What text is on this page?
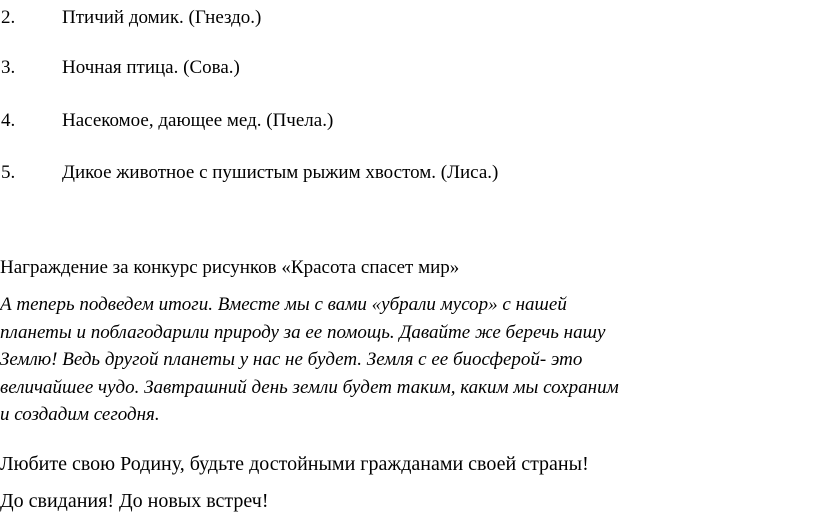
2. Птичий домик. (Гнездо.)
3. Ночная птица. (Сова.)
4. Насекомое, дающее мед. (Пчела.)
5. Дикое животное с пушистым рыжим хвостом. (Лиса.)
Награждение за конкурс рисунков «Красота спасет мир»
А теперь подведем итоги. Вместе мы с вами «убрали мусор» с нашей
планеты и поблагодарили природу за ее помощь. Давайте же беречь нашу
Землю! Ведь другой планеты у нас не будет. Земля с ее биосферой- это
величайшее чудо. Завтрашний день земли будет таким, каким мы сохраним
и создадим сегодня.
Любите свою Родину, будьте достойными гражданами своей страны!
До свидания! До новых встреч!
